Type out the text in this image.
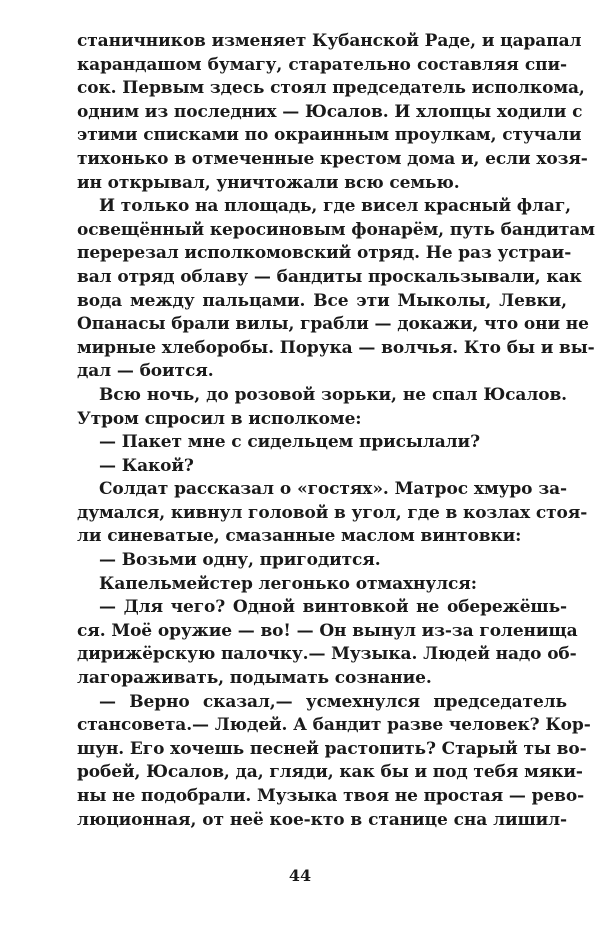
станичников изменяет Кубанской Раде, и царапал
карандашом бумагу, старательно составляя спи-
сок. Первым здесь стоял председатель исполкома,
одним из последних — Юсалов. И хлопцы ходили с
этими списками по окраинным проулкам, стучали
тихонько в отмеченные крестом дома и, если хозя-
ин открывал, уничтожали всю семью.
И только на площадь, где висел красный флаг,
освещённый керосиновым фонарём, путь бандитам
перерезал исполкомовский отряд. Не раз устраи-
вал отряд облаву — бандиты проскальзывали, как
вода между пальцами. Все эти Мыколы, Левки,
Опанасы брали вилы, грабли — докажи, что они не
мирные хлеборобы. Порука — волчья. Кто бы и вы-
дал — боится.
Всю ночь, до розовой зорьки, не спал Юсалов.
Утром спросил в исполкоме:
— Пакет мне с сидельцем присылали?
— Какой?
Солдат рассказал о «гостях». Матрос хмуро за-
думался, кивнул головой в угол, где в козлах стоя-
ли синеватые, смазанные маслом винтовки:
— Возьми одну, пригодится.
Капельмейстер легонько отмахнулся:
— Для чего? Одной винтовкой не обережёшь-
ся. Моё оружие — во! — Он вынул из-за голенища
дирижёрскую палочку.— Музыка. Людей надо об-
лагораживать, подымать сознание.
— Верно сказал,— усмехнулся председатель
стансовета.— Людей. А бандит разве человек? Кор-
шун. Его хочешь песней растопить? Старый ты во-
робей, Юсалов, да, гляди, как бы и под тебя мяки-
ны не подобрали. Музыка твоя не простая — рево-
люционная, от неё кое-кто в станице сна лишил-
44
